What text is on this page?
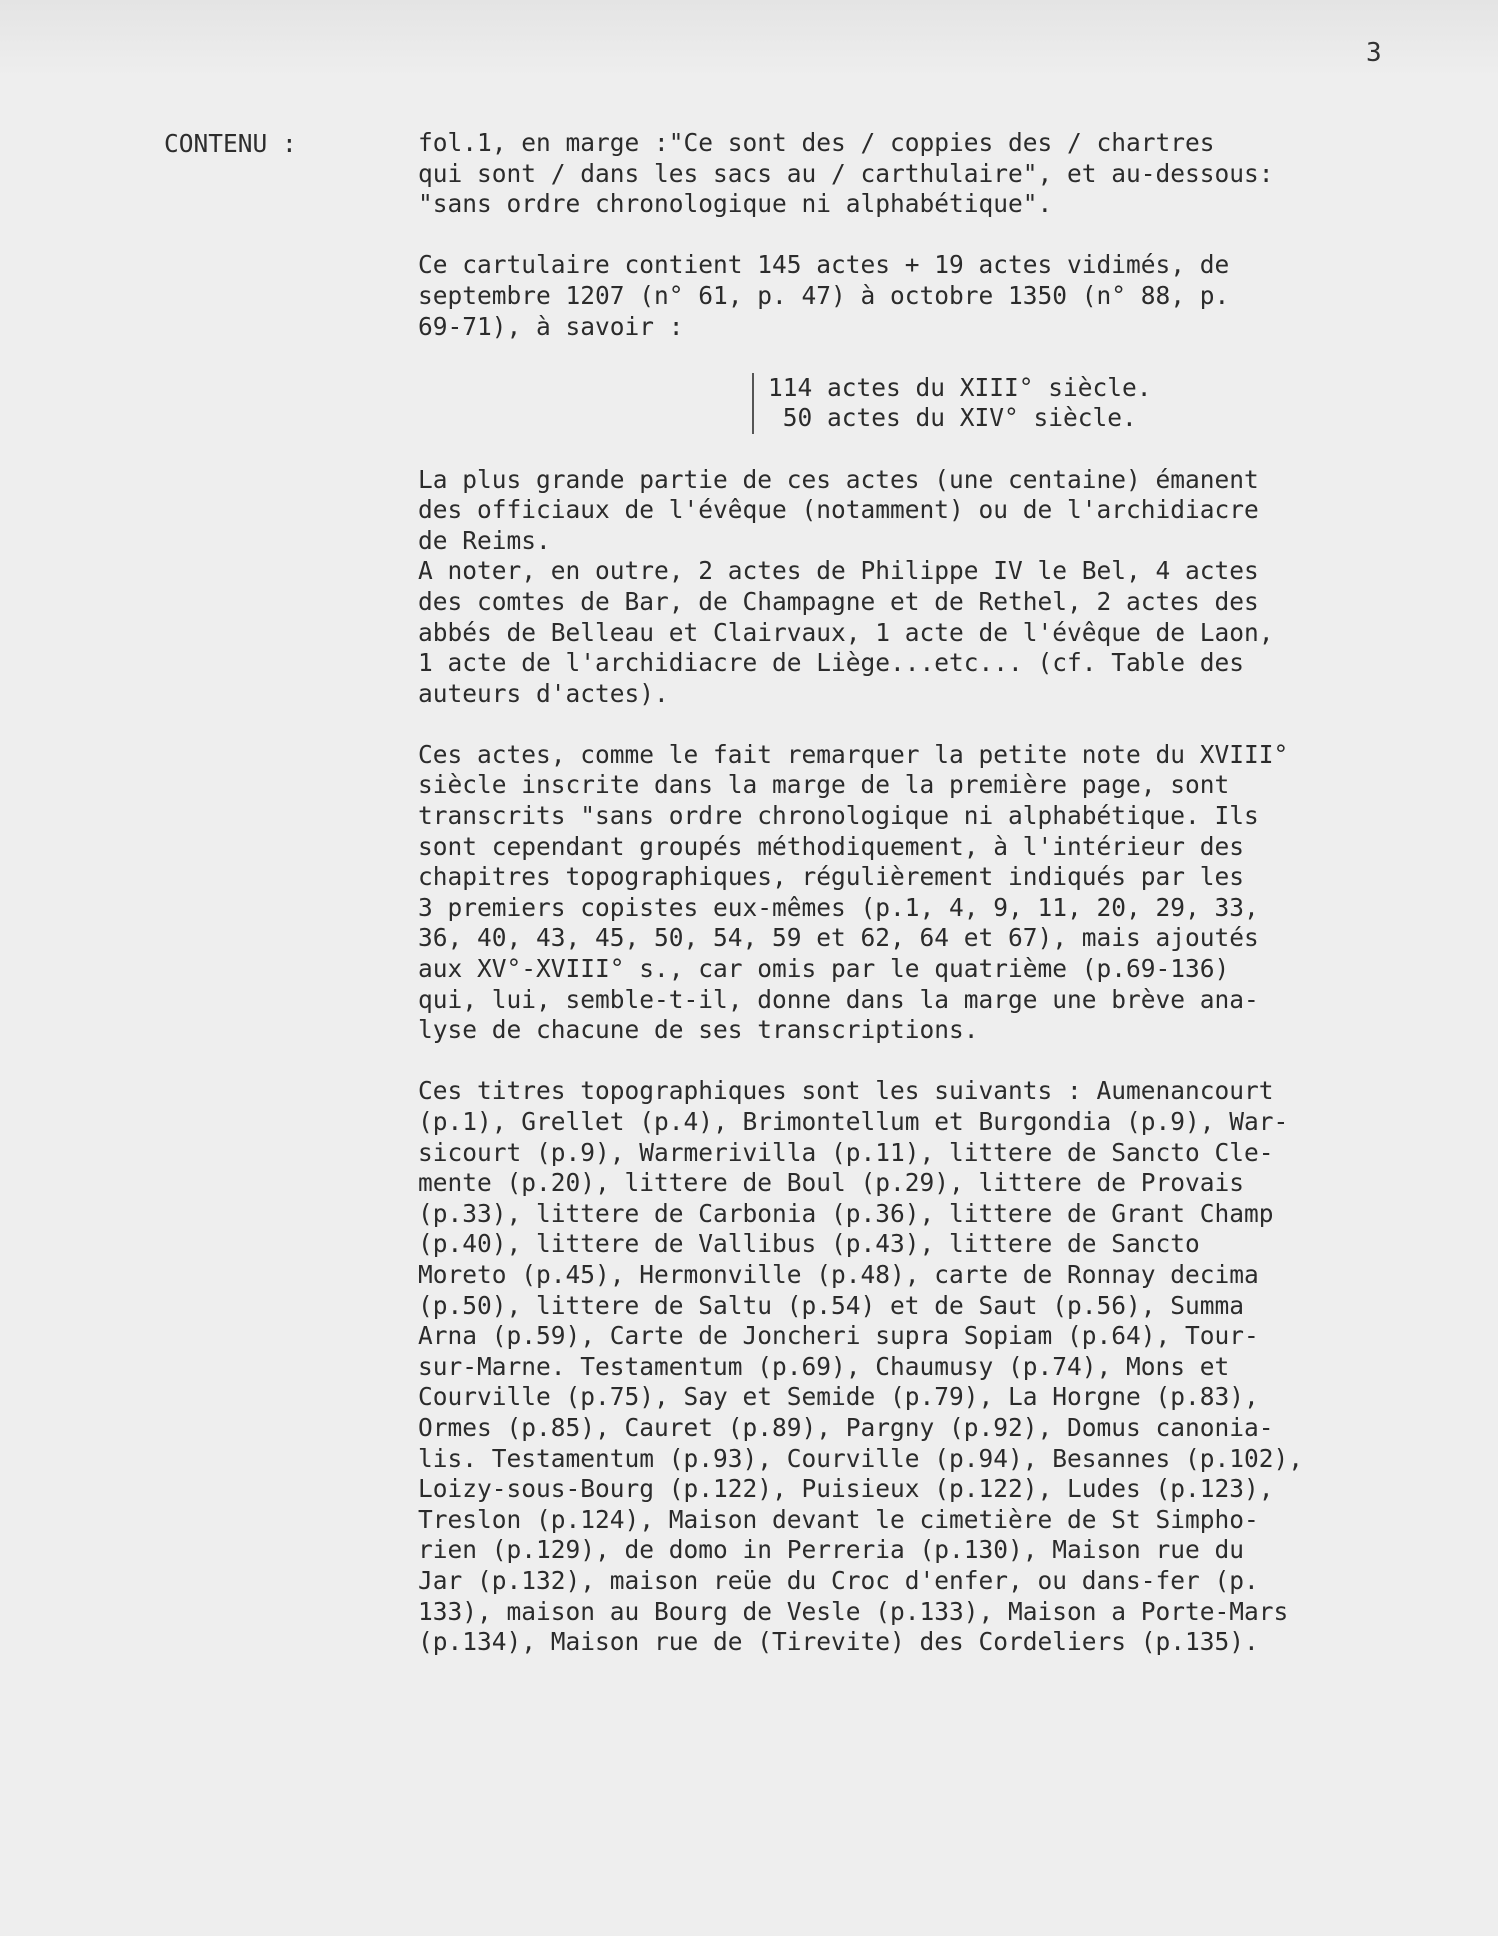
3
CONTENU :	fol.1, en marge :"Ce sont des / coppies des / chartres
qui sont / dans les sacs au / carthulaire", et au-dessous:
"sans ordre chronologique ni alphabétique".
Ce cartulaire contient 145 actes + 19 actes vidimés, de
septembre 1207 (n° 61, p. 47) à octobre 1350 (n° 88, p.
69-71), à savoir :
114 actes du XIII° siècle.
50 actes du XIV° siècle.
La plus grande partie de ces actes (une centaine) émanent
des officiaux de l'évêque (notamment) ou de l'archidiacre
de Reims.
A noter, en outre, 2 actes de Philippe IV le Bel, 4 actes
des comtes de Bar, de Champagne et de Rethel, 2 actes des
abbés de Belleau et Clairvaux, 1 acte de l'évêque de Laon,
1 acte de l'archidiacre de Liège...etc... (cf. Table des
auteurs d'actes).
Ces actes, comme le fait remarquer la petite note du XVIII°
siècle inscrite dans la marge de la première page, sont
transcrits "sans ordre chronologique ni alphabétique. Ils
sont cependant groupés méthodiquement, à l'intérieur des
chapitres topographiques, régulièrement indiqués par les
3 premiers copistes eux-mêmes (p.1, 4, 9, 11, 20, 29, 33,
36, 40, 43, 45, 50, 54, 59 et 62, 64 et 67), mais ajoutés
aux XV°-XVIII° s., car omis par le quatrième (p.69-136)
qui, lui, semble-t-il, donne dans la marge une brève ana-
lyse de chacune de ses transcriptions.
Ces titres topographiques sont les suivants : Aumenancourt
(p.1), Grellet (p.4), Brimontellum et Burgondia (p.9), War-
sicourt (p.9), Warmerivilla (p.11), littere de Sancto Cle-
mente (p.20), littere de Boul (p.29), littere de Provais
(p.33), littere de Carbonia (p.36), littere de Grant Champ
(p.40), littere de Vallibus (p.43), littere de Sancto
Moreto (p.45), Hermonville (p.48), carte de Ronnay decima
(p.50), littere de Saltu (p.54) et de Saut (p.56), Summa
Arna (p.59), Carte de Joncheri supra Sopiam (p.64), Tour-
sur-Marne. Testamentum (p.69), Chaumusy (p.74), Mons et
Courville (p.75), Say et Semide (p.79), La Horgne (p.83),
Ormes (p.85), Cauret (p.89), Pargny (p.92), Domus canonia-
lis. Testamentum (p.93), Courville (p.94), Besannes (p.102),
Loizy-sous-Bourg (p.122), Puisieux (p.122), Ludes (p.123),
Treslon (p.124), Maison devant le cimetière de St Simpho-
rien (p.129), de domo in Perreria (p.130), Maison rue du
Jar (p.132), maison reüe du Croc d'enfer, ou dans-fer (p.
133), maison au Bourg de Vesle (p.133), Maison a Porte-Mars
(p.134), Maison rue de (Tirevite) des Cordeliers (p.135).
